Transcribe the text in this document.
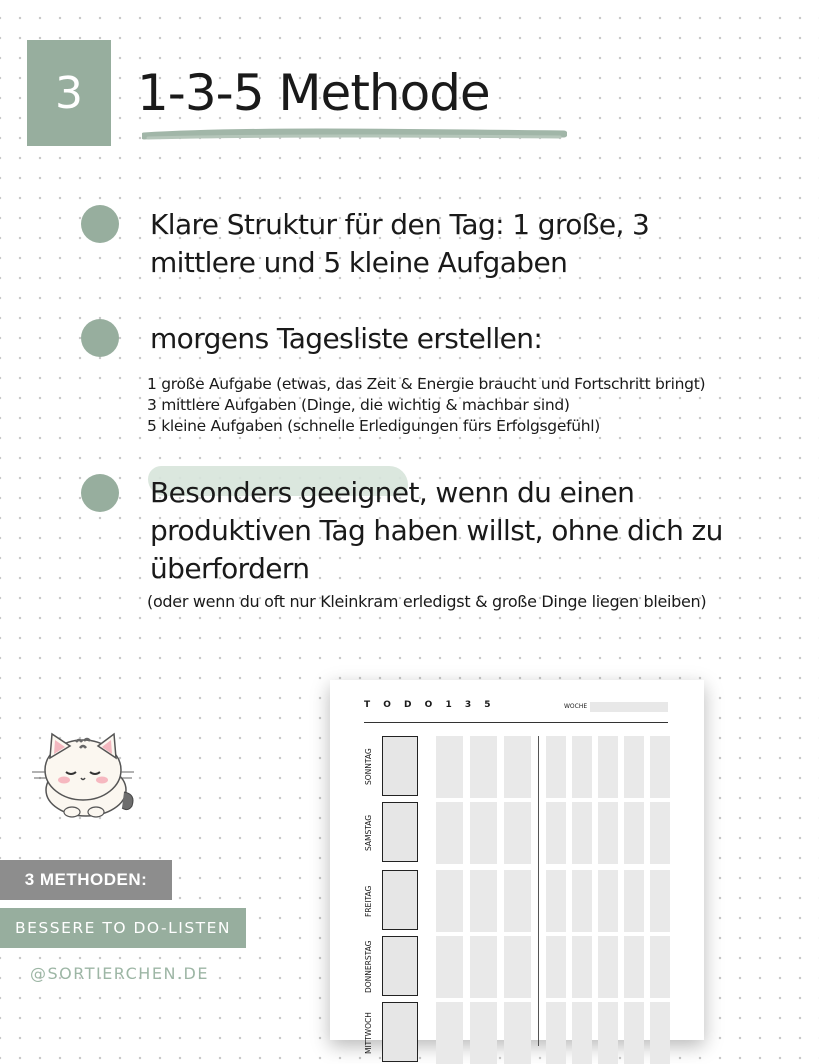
3 1-3-5 Methode
Klare Struktur für den Tag: 1 große, 3
mittlere und 5 kleine Aufgaben
morgens Tagesliste erstellen:
1 große Aufgabe (etwas, das Zeit & Energie braucht und Fortschritt bringt)
3 mittlere Aufgaben (Dinge, die wichtig & machbar sind)
5 kleine Aufgaben (schnelle Erledigungen fürs Erfolgsgefühl)
Besonders geeignet, wenn du einen
produktiven Tag haben willst, ohne dich zu
überfordern
(oder wenn du oft nur Kleinkram erledigst & große Dinge liegen bleiben)
T O D O 1 3 5	WOCHE
SONNTAG
SAMSTAG
FREITAG
DONNERSTAG
MITTWOCH
3 METHODEN:
BESSERE TO DO-LISTEN
@SORTIERCHEN.DE
